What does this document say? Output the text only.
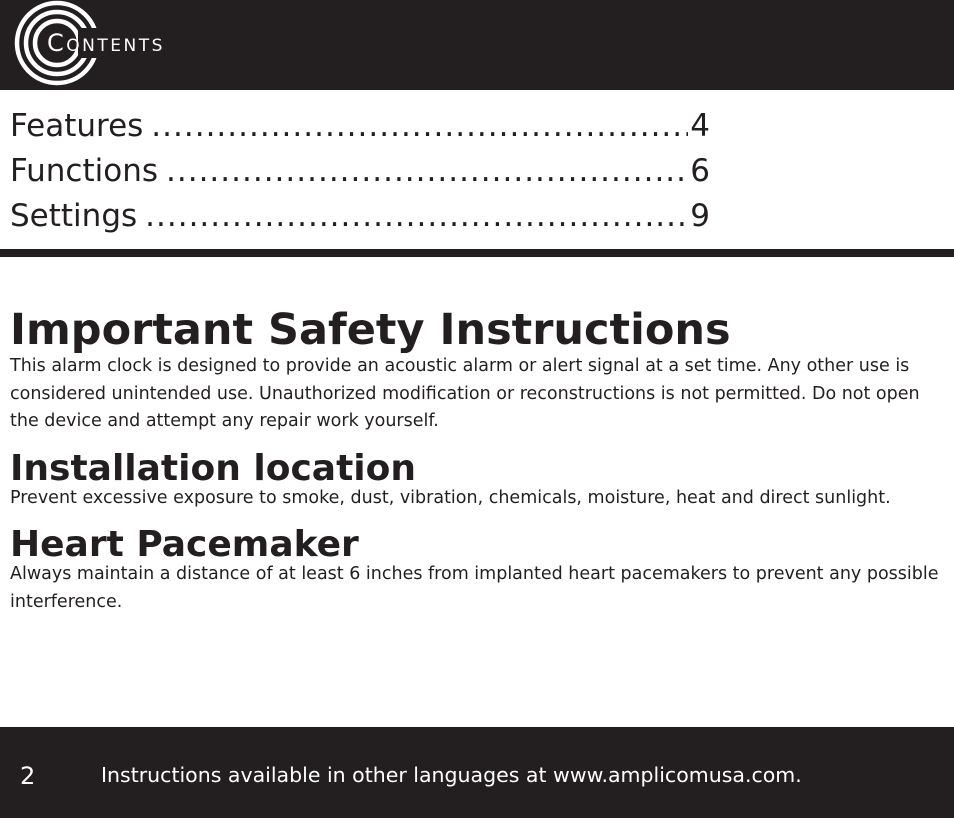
Contents
Features .....	4
Functions .....	6
Settings .....	9
Important Safety Instructions
This alarm clock is designed to provide an acoustic alarm or alert signal at a set time. Any other use is considered unintended use. Unauthorized modification or reconstructions is not permitted. Do not open the device and attempt any repair work yourself.
Installation location
Prevent excessive exposure to smoke, dust, vibration, chemicals, moisture, heat and direct sunlight.
Heart Pacemaker
Always maintain a distance of at least 6 inches from implanted heart pacemakers to prevent any possible interference.
2	Instructions available in other languages at www.amplicomusa.com.
